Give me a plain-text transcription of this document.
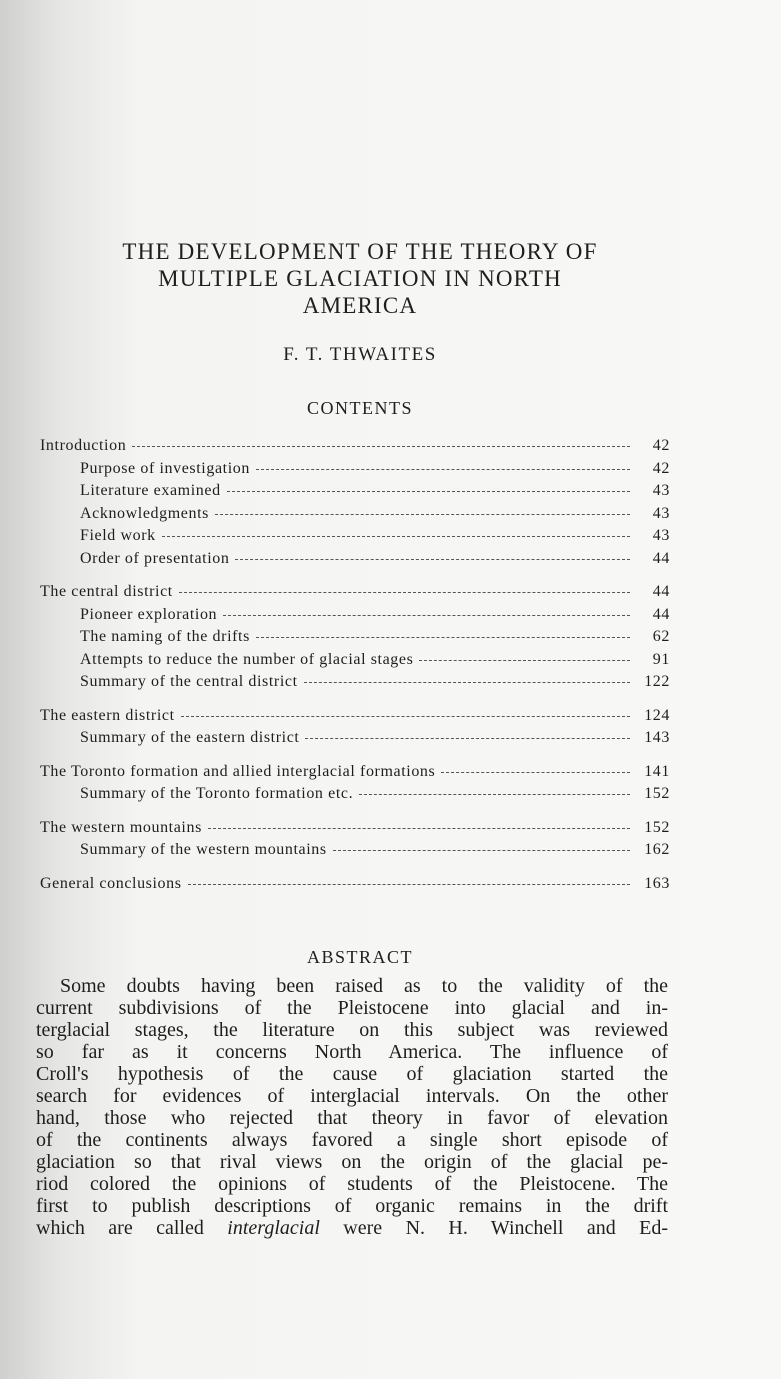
THE DEVELOPMENT OF THE THEORY OF
MULTIPLE GLACIATION IN NORTH
AMERICA
F. T. THWAITES
CONTENTS
Introduction	42
Purpose of investigation	42
Literature examined	43
Acknowledgments	43
Field work	43
Order of presentation	44
The central district	44
Pioneer exploration	44
The naming of the drifts	62
Attempts to reduce the number of glacial stages	91
Summary of the central district	122
The eastern district	124
Summary of the eastern district	143
The Toronto formation and allied interglacial formations	141
Summary of the Toronto formation etc.	152
The western mountains	152
Summary of the western mountains	162
General conclusions	163
ABSTRACT
Some doubts having been raised as to the validity of the
current subdivisions of the Pleistocene into glacial and in-
terglacial stages, the literature on this subject was reviewed
so far as it concerns North America. The influence of
Croll's hypothesis of the cause of glaciation started the
search for evidences of interglacial intervals. On the other
hand, those who rejected that theory in favor of elevation
of the continents always favored a single short episode of
glaciation so that rival views on the origin of the glacial pe-
riod colored the opinions of students of the Pleistocene. The
first to publish descriptions of organic remains in the drift
which are called interglacial were N. H. Winchell and Ed-
